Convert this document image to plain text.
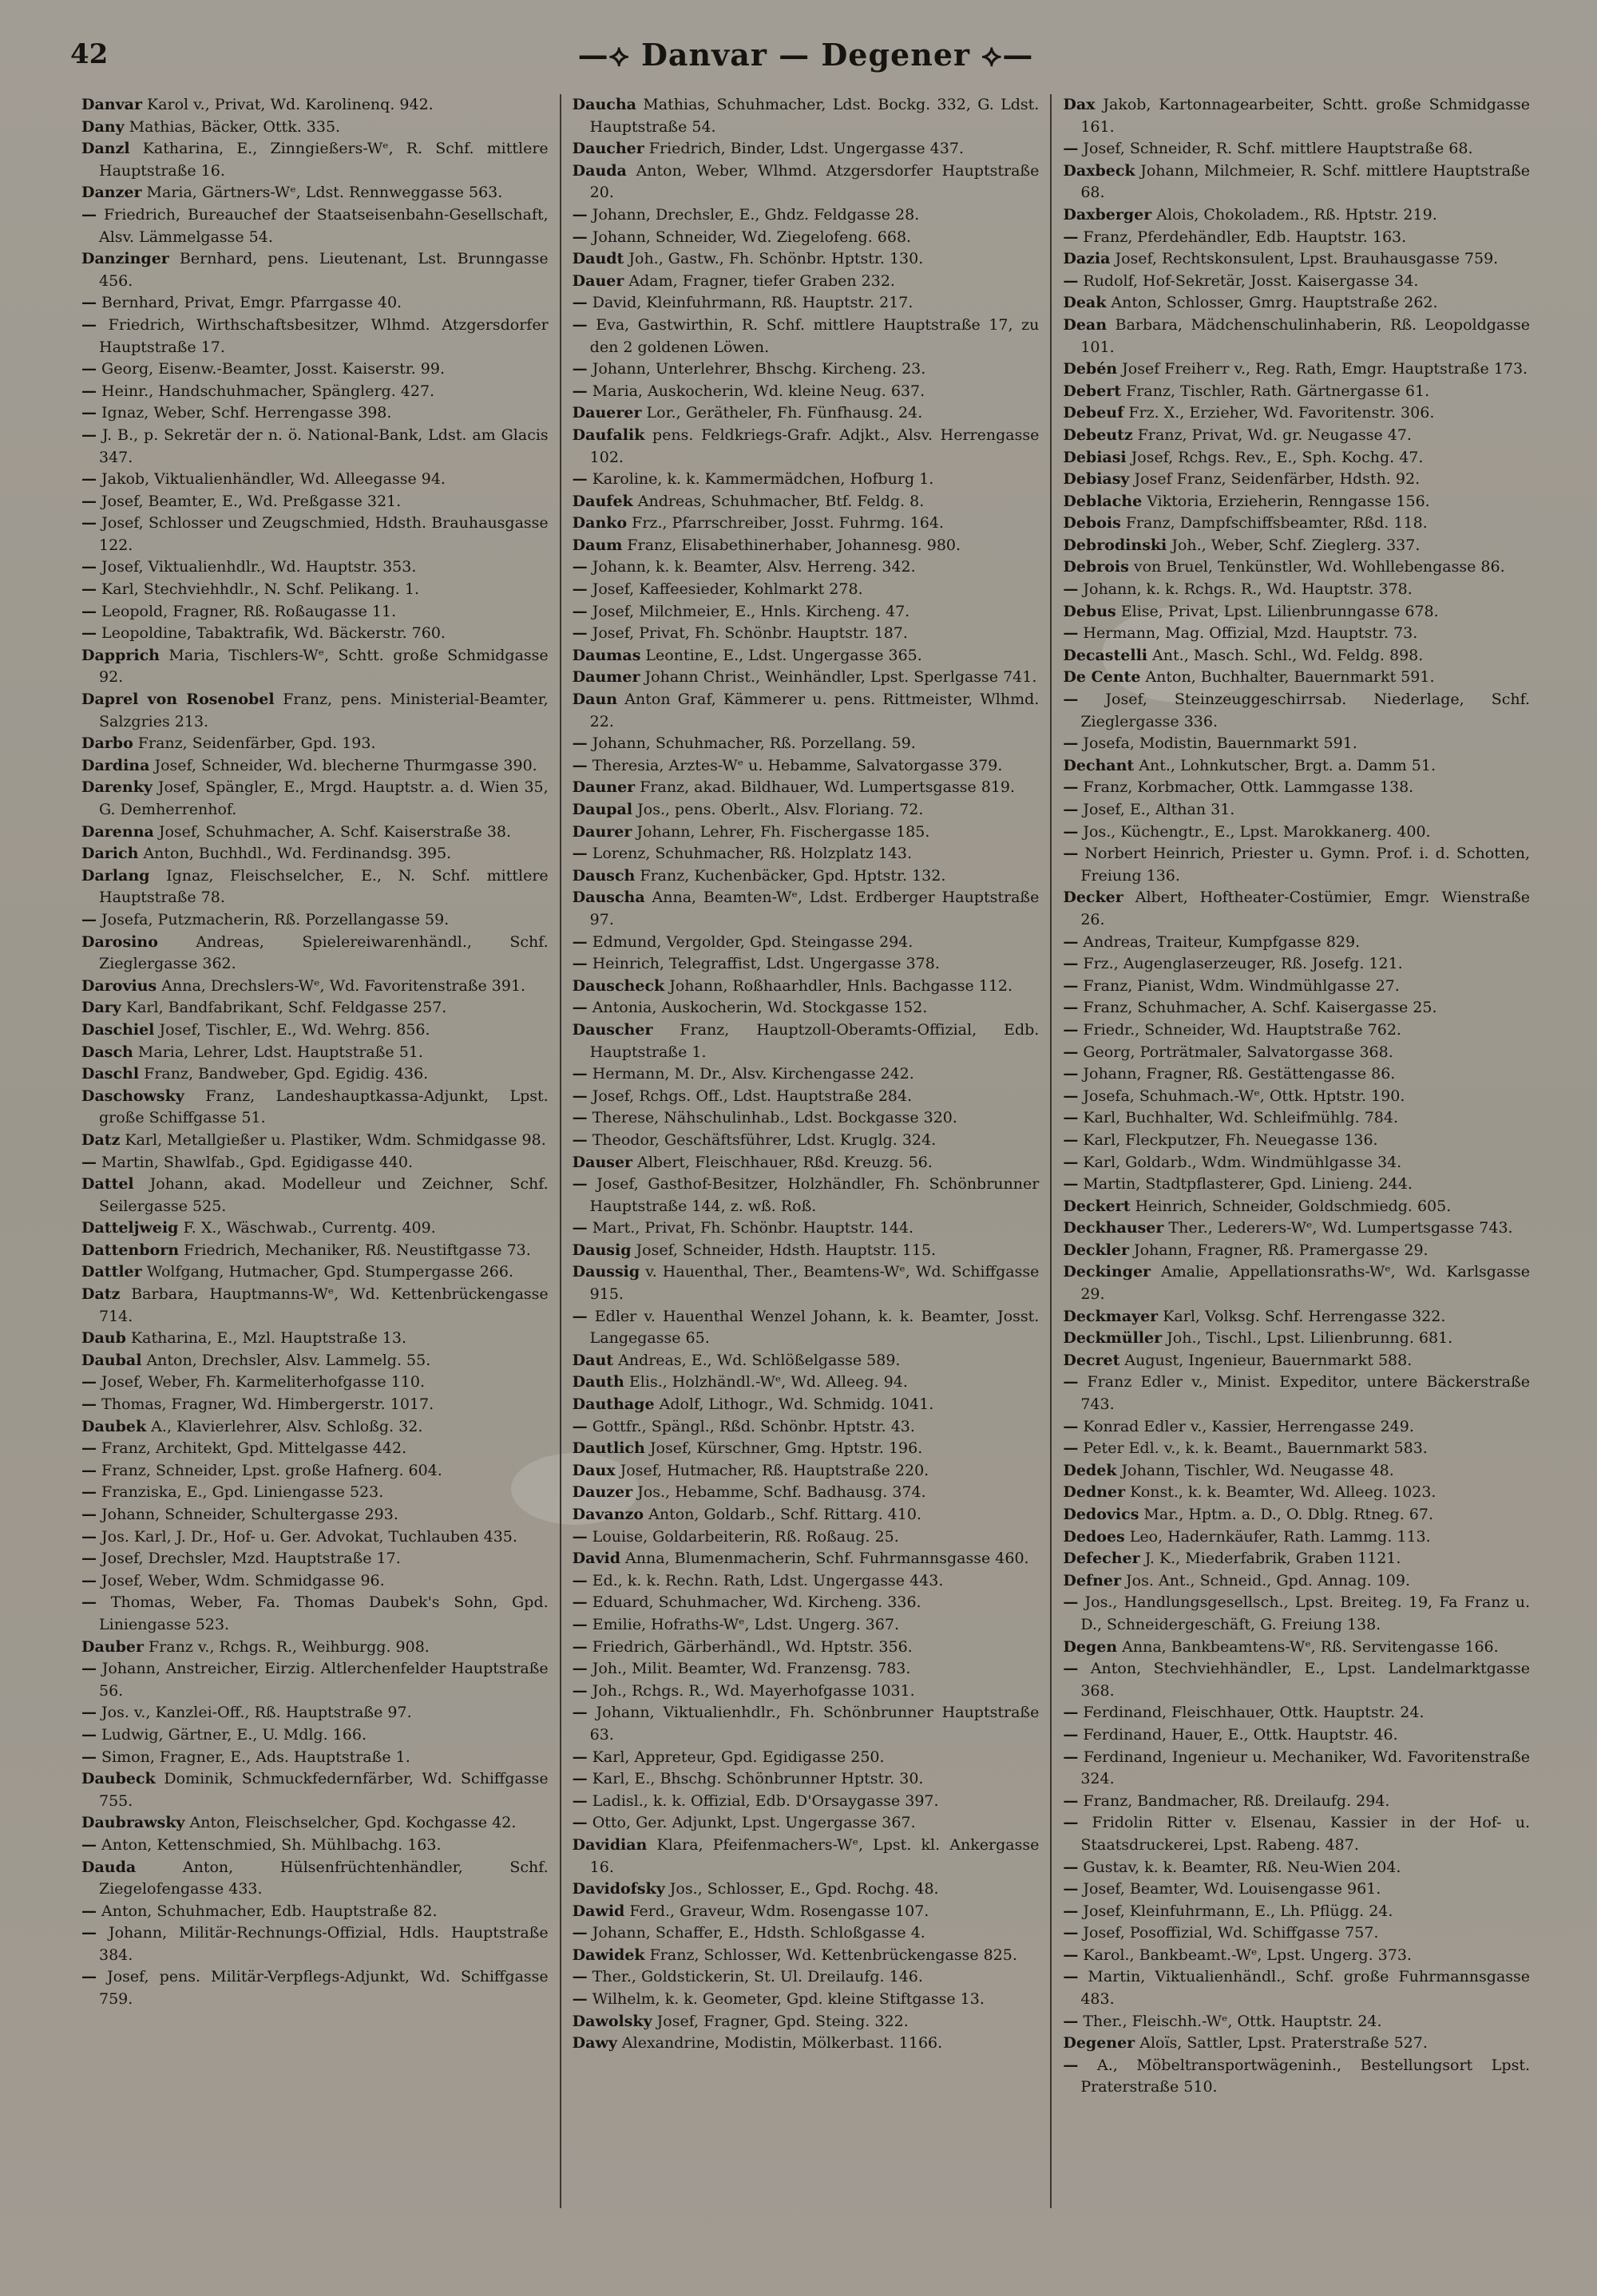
42	—⟡ Danvar — Degener ⟡—

Danvar Karol v., Privat, Wd. Karolinenq. 942.

Dany Mathias, Bäcker, Ottk. 335.

Danzl Katharina, E., Zinngießers-Wᵉ, R. Schf. mittlere Hauptstraße 16.

Danzer Maria, Gärtners-Wᵉ, Ldst. Rennweggasse 563.

— Friedrich, Bureauchef der Staatseisenbahn-Gesellschaft, Alsv. Lämmelgasse 54.

Danzinger Bernhard, pens. Lieutenant, Lst. Brunngasse 456.

— Bernhard, Privat, Emgr. Pfarrgasse 40.

— Friedrich, Wirthschaftsbesitzer, Wlhmd. Atzgersdorfer Hauptstraße 17.

— Georg, Eisenw.-Beamter, Josst. Kaiserstr. 99.

— Heinr., Handschuhmacher, Spänglerg. 427.

— Ignaz, Weber, Schf. Herrengasse 398.

— J. B., p. Sekretär der n. ö. National-Bank, Ldst. am Glacis 347.

— Jakob, Viktualienhändler, Wd. Alleegasse 94.

— Josef, Beamter, E., Wd. Preßgasse 321.

— Josef, Schlosser und Zeugschmied, Hdsth. Brauhausgasse 122.

— Josef, Viktualienhdlr., Wd. Hauptstr. 353.

— Karl, Stechviehhdlr., N. Schf. Pelikang. 1.

— Leopold, Fragner, Rß. Roßaugasse 11.

— Leopoldine, Tabaktrafik, Wd. Bäckerstr. 760.

Dapprich Maria, Tischlers-Wᵉ, Schtt. große Schmidgasse 92.

Daprel von Rosenobel Franz, pens. Ministerial-Beamter, Salzgries 213.

Darbo Franz, Seidenfärber, Gpd. 193.

Dardina Josef, Schneider, Wd. blecherne Thurmgasse 390.

Darenky Josef, Spängler, E., Mrgd. Hauptstr. a. d. Wien 35, G. Demherrenhof.

Darenna Josef, Schuhmacher, A. Schf. Kaiserstraße 38.

Darich Anton, Buchhdl., Wd. Ferdinandsg. 395.

Darlang Ignaz, Fleischselcher, E., N. Schf. mittlere Hauptstraße 78.

— Josefa, Putzmacherin, Rß. Porzellangasse 59.

Darosino Andreas, Spielereiwarenhändl., Schf. Zieglergasse 362.

Darovius Anna, Drechslers-Wᵉ, Wd. Favoritenstraße 391.

Dary Karl, Bandfabrikant, Schf. Feldgasse 257.

Daschiel Josef, Tischler, E., Wd. Wehrg. 856.

Dasch Maria, Lehrer, Ldst. Hauptstraße 51.

Daschl Franz, Bandweber, Gpd. Egidig. 436.

Daschowsky Franz, Landeshauptkassa-Adjunkt, Lpst. große Schiffgasse 51.

Datz Karl, Metallgießer u. Plastiker, Wdm. Schmidgasse 98.

— Martin, Shawlfab., Gpd. Egidigasse 440.

Dattel Johann, akad. Modelleur und Zeichner, Schf. Seilergasse 525.

Datteljweig F. X., Wäschwab., Currentg. 409.

Dattenborn Friedrich, Mechaniker, Rß. Neustiftgasse 73.

Dattler Wolfgang, Hutmacher, Gpd. Stumpergasse 266.

Datz Barbara, Hauptmanns-Wᵉ, Wd. Kettenbrückengasse 714.

Daub Katharina, E., Mzl. Hauptstraße 13.

Daubal Anton, Drechsler, Alsv. Lammelg. 55.

— Josef, Weber, Fh. Karmeliterhofgasse 110.

— Thomas, Fragner, Wd. Himbergerstr. 1017.

Daubek A., Klavierlehrer, Alsv. Schloßg. 32.

— Franz, Architekt, Gpd. Mittelgasse 442.

— Franz, Schneider, Lpst. große Hafnerg. 604.

— Franziska, E., Gpd. Liniengasse 523.

— Johann, Schneider, Schultergasse 293.

— Jos. Karl, J. Dr., Hof- u. Ger. Advokat, Tuchlauben 435.

— Josef, Drechsler, Mzd. Hauptstraße 17.

— Josef, Weber, Wdm. Schmidgasse 96.

— Thomas, Weber, Fa. Thomas Daubek's Sohn, Gpd. Liniengasse 523.

Dauber Franz v., Rchgs. R., Weihburgg. 908.

— Johann, Anstreicher, Eirzig. Altlerchenfelder Hauptstraße 56.

— Jos. v., Kanzlei-Off., Rß. Hauptstraße 97.

— Ludwig, Gärtner, E., U. Mdlg. 166.

— Simon, Fragner, E., Ads. Hauptstraße 1.

Daubeck Dominik, Schmuckfedernfärber, Wd. Schiffgasse 755.

Daubrawsky Anton, Fleischselcher, Gpd. Kochgasse 42.

— Anton, Kettenschmied, Sh. Mühlbachg. 163.

Dauda Anton, Hülsenfrüchtenhändler, Schf. Ziegelofengasse 433.

— Anton, Schuhmacher, Edb. Hauptstraße 82.

— Johann, Militär-Rechnungs-Offizial, Hdls. Hauptstraße 384.

— Josef, pens. Militär-Verpflegs-Adjunkt, Wd. Schiffgasse 759.

Dauchа Mathias, Schuhmacher, Ldst. Bockg. 332, G. Ldst. Hauptstraße 54.

Daucher Friedrich, Binder, Ldst. Ungergasse 437.

Dauda Anton, Weber, Wlhmd. Atzgersdorfer Hauptstraße 20.

— Johann, Drechsler, E., Ghdz. Feldgasse 28.

— Johann, Schneider, Wd. Ziegelofeng. 668.

Daudt Joh., Gastw., Fh. Schönbr. Hptstr. 130.

Dauer Adam, Fragner, tiefer Graben 232.

— David, Kleinfuhrmann, Rß. Hauptstr. 217.

— Eva, Gastwirthin, R. Schf. mittlere Hauptstraße 17, zu den 2 goldenen Löwen.

— Johann, Unterlehrer, Bhschg. Kircheng. 23.

— Maria, Auskocherin, Wd. kleine Neug. 637.

Dauerer Lor., Gerätheler, Fh. Fünfhausg. 24.

Daufalik pens. Feldkriegs-Grafr. Adjkt., Alsv. Herrengasse 102.

— Karoline, k. k. Kammermädchen, Hofburg 1.

Daufek Andreas, Schuhmacher, Btf. Feldg. 8.

Danko Frz., Pfarrschreiber, Josst. Fuhrmg. 164.

Daum Franz, Elisabethinerhaber, Johannesg. 980.

— Johann, k. k. Beamter, Alsv. Herreng. 342.

— Josef, Kaffeesieder, Kohlmarkt 278.

— Josef, Milchmeier, E., Hnls. Kircheng. 47.

— Josef, Privat, Fh. Schönbr. Hauptstr. 187.

Daumas Leontine, E., Ldst. Ungergasse 365.

Daumer Johann Christ., Weinhändler, Lpst. Sperlgasse 741.

Daun Anton Graf, Kämmerer u. pens. Rittmeister, Wlhmd. 22.

— Johann, Schuhmacher, Rß. Porzellang. 59.

— Theresia, Arztes-Wᵉ u. Hebamme, Salvatorgasse 379.

Dauner Franz, akad. Bildhauer, Wd. Lumpertsgasse 819.

Daupal Jos., pens. Oberlt., Alsv. Floriang. 72.

Daurer Johann, Lehrer, Fh. Fischergasse 185.

— Lorenz, Schuhmacher, Rß. Holzplatz 143.

Dausch Franz, Kuchenbäcker, Gpd. Hptstr. 132.

Dauscha Anna, Beamten-Wᵉ, Ldst. Erdberger Hauptstraße 97.

— Edmund, Vergolder, Gpd. Steingasse 294.

— Heinrich, Telegraffist, Ldst. Ungergasse 378.

Dauscheck Johann, Roßhaarhdler, Hnls. Bachgasse 112.

— Antonia, Auskocherin, Wd. Stockgasse 152.

Dauscher Franz, Hauptzoll-Oberamts-Offizial, Edb. Hauptstraße 1.

— Hermann, M. Dr., Alsv. Kirchengasse 242.

— Josef, Rchgs. Off., Ldst. Hauptstraße 284.

— Therese, Nähschulinhab., Ldst. Bockgasse 320.

— Theodor, Geschäftsführer, Ldst. Kruglg. 324.

Dauser Albert, Fleischhauer, Rßd. Kreuzg. 56.

— Josef, Gasthof-Besitzer, Holzhändler, Fh. Schönbrunner Hauptstraße 144, z. wß. Roß.

— Mart., Privat, Fh. Schönbr. Hauptstr. 144.

Dausig Josef, Schneider, Hdsth. Hauptstr. 115.

Daussig v. Hauenthal, Ther., Beamtens-Wᵉ, Wd. Schiffgasse 915.

— Edler v. Hauenthal Wenzel Johann, k. k. Beamter, Josst. Langegasse 65.

Daut Andreas, E., Wd. Schlößelgasse 589.

Dauth Elis., Holzhändl.-Wᵉ, Wd. Alleeg. 94.

Dauthage Adolf, Lithogr., Wd. Schmidg. 1041.

— Gottfr., Spängl., Rßd. Schönbr. Hptstr. 43.

Dautlich Josef, Kürschner, Gmg. Hptstr. 196.

Daux Josef, Hutmacher, Rß. Hauptstraße 220.

Dauzer Jos., Hebamme, Schf. Badhausg. 374.

Davanzo Anton, Goldarb., Schf. Rittarg. 410.

— Louise, Goldarbeiterin, Rß. Roßaug. 25.

David Anna, Blumenmacherin, Schf. Fuhrmannsgasse 460.

— Ed., k. k. Rechn. Rath, Ldst. Ungergasse 443.

— Eduard, Schuhmacher, Wd. Kircheng. 336.

— Emilie, Hofraths-Wᵉ, Ldst. Ungerg. 367.

— Friedrich, Gärberhändl., Wd. Hptstr. 356.

— Joh., Milit. Beamter, Wd. Franzensg. 783.

— Joh., Rchgs. R., Wd. Mayerhofgasse 1031.

— Johann, Viktualienhdlr., Fh. Schönbrunner Hauptstraße 63.

— Karl, Appreteur, Gpd. Egidigasse 250.

— Karl, E., Bhschg. Schönbrunner Hptstr. 30.

— Ladisl., k. k. Offizial, Edb. D'Orsaygasse 397.

— Otto, Ger. Adjunkt, Lpst. Ungergasse 367.

Davidian Klara, Pfeifenmachers-Wᵉ, Lpst. kl. Ankergasse 16.

Davidofsky Jos., Schlosser, E., Gpd. Rochg. 48.

Dawid Ferd., Graveur, Wdm. Rosengasse 107.

— Johann, Schaffer, E., Hdsth. Schloßgasse 4.

Dawidek Franz, Schlosser, Wd. Kettenbrückengasse 825.

— Ther., Goldstickerin, St. Ul. Dreilaufg. 146.

— Wilhelm, k. k. Geometer, Gpd. kleine Stiftgasse 13.

Dawolsky Josef, Fragner, Gpd. Steing. 322.

Dawy Alexandrine, Modistin, Mölkerbast. 1166.

Dax Jakob, Kartonnagearbeiter, Schtt. große Schmidgasse 161.

— Josef, Schneider, R. Schf. mittlere Hauptstraße 68.

Daxbeck Johann, Milchmeier, R. Schf. mittlere Hauptstraße 68.

Daxberger Alois, Chokoladem., Rß. Hptstr. 219.

— Franz, Pferdehändler, Edb. Hauptstr. 163.

Dazia Josef, Rechtskonsulent, Lpst. Brauhausgasse 759.

— Rudolf, Hof-Sekretär, Josst. Kaisergasse 34.

Deak Anton, Schlosser, Gmrg. Hauptstraße 262.

Dean Barbara, Mädchenschulinhaberin, Rß. Leopoldgasse 101.

Debén Josef Freiherr v., Reg. Rath, Emgr. Hauptstraße 173.

Debert Franz, Tischler, Rath. Gärtnergasse 61.

Debeuf Frz. X., Erzieher, Wd. Favoritenstr. 306.

Debeutz Franz, Privat, Wd. gr. Neugasse 47.

Debiasi Josef, Rchgs. Rev., E., Sph. Kochg. 47.

Debiasy Josef Franz, Seidenfärber, Hdsth. 92.

Deblache Viktoria, Erzieherin, Renngasse 156.

Debois Franz, Dampfschiffsbeamter, Rßd. 118.

Debrodinski Joh., Weber, Schf. Zieglerg. 337.

Debrois von Bruel, Tenkünstler, Wd. Wohllebengasse 86.

— Johann, k. k. Rchgs. R., Wd. Hauptstr. 378.

Debus Elise, Privat, Lpst. Lilienbrunngasse 678.

— Hermann, Mag. Offizial, Mzd. Hauptstr. 73.

Decastelli Ant., Masch. Schl., Wd. Feldg. 898.

De Cente Anton, Buchhalter, Bauernmarkt 591.

— Josef, Steinzeuggeschirrsab. Niederlage, Schf. Zieglergasse 336.

— Josefa, Modistin, Bauernmarkt 591.

Dechant Ant., Lohnkutscher, Brgt. a. Damm 51.

— Franz, Korbmacher, Ottk. Lammgasse 138.

— Josef, E., Althan 31.

— Jos., Küchengtr., E., Lpst. Marokkanerg. 400.

— Norbert Heinrich, Priester u. Gymn. Prof. i. d. Schotten, Freiung 136.

Decker Albert, Hoftheater-Costümier, Emgr. Wienstraße 26.

— Andreas, Traiteur, Kumpfgasse 829.

— Frz., Augenglaserzeuger, Rß. Josefg. 121.

— Franz, Pianist, Wdm. Windmühlgasse 27.

— Franz, Schuhmacher, A. Schf. Kaisergasse 25.

— Friedr., Schneider, Wd. Hauptstraße 762.

— Georg, Porträtmaler, Salvatorgasse 368.

— Johann, Fragner, Rß. Gestättengasse 86.

— Josefa, Schuhmach.-Wᵉ, Ottk. Hptstr. 190.

— Karl, Buchhalter, Wd. Schleifmühlg. 784.

— Karl, Fleckputzer, Fh. Neuegasse 136.

— Karl, Goldarb., Wdm. Windmühlgasse 34.

— Martin, Stadtpflasterer, Gpd. Linieng. 244.

Deckert Heinrich, Schneider, Goldschmiedg. 605.

Deckhauser Ther., Lederers-Wᵉ, Wd. Lumpertsgasse 743.

Deckler Johann, Fragner, Rß. Pramergasse 29.

Deckinger Amalie, Appellationsraths-Wᵉ, Wd. Karlsgasse 29.

Deckmayer Karl, Volksg. Schf. Herrengasse 322.

Deckmüller Joh., Tischl., Lpst. Lilienbrunng. 681.

Decret August, Ingenieur, Bauernmarkt 588.

— Franz Edler v., Minist. Expeditor, untere Bäckerstraße 743.

— Konrad Edler v., Kassier, Herrengasse 249.

— Peter Edl. v., k. k. Beamt., Bauernmarkt 583.

Dedek Johann, Tischler, Wd. Neugasse 48.

Dedner Konst., k. k. Beamter, Wd. Alleeg. 1023.

Dedovics Mar., Hptm. a. D., O. Dblg. Rtneg. 67.

Dedoes Leo, Hadernkäufer, Rath. Lammg. 113.

Defecher J. K., Miederfabrik, Graben 1121.

Defner Jos. Ant., Schneid., Gpd. Annag. 109.

— Jos., Handlungsgesellsch., Lpst. Breiteg. 19, Fa Franz u. D., Schneidergeschäft, G. Freiung 138.

Degen Anna, Bankbeamtens-Wᵉ, Rß. Servitengasse 166.

— Anton, Stechviehhändler, E., Lpst. Landelmarktgasse 368.

— Ferdinand, Fleischhauer, Ottk. Hauptstr. 24.

— Ferdinand, Hauer, E., Ottk. Hauptstr. 46.

— Ferdinand, Ingenieur u. Mechaniker, Wd. Favoritenstraße 324.

— Franz, Bandmacher, Rß. Dreilaufg. 294.

— Fridolin Ritter v. Elsenau, Kassier in der Hof- u. Staatsdruckerei, Lpst. Rabeng. 487.

— Gustav, k. k. Beamter, Rß. Neu-Wien 204.

— Josef, Beamter, Wd. Louisengasse 961.

— Josef, Kleinfuhrmann, E., Lh. Pflügg. 24.

— Josef, Posoffizial, Wd. Schiffgasse 757.

— Karol., Bankbeamt.-Wᵉ, Lpst. Ungerg. 373.

— Martin, Viktualienhändl., Schf. große Fuhrmannsgasse 483.

— Ther., Fleischh.-Wᵉ, Ottk. Hauptstr. 24.

Degener Aloïs, Sattler, Lpst. Praterstraße 527.

— A., Möbeltransportwägeninh., Bestellungsort Lpst. Praterstraße 510.
